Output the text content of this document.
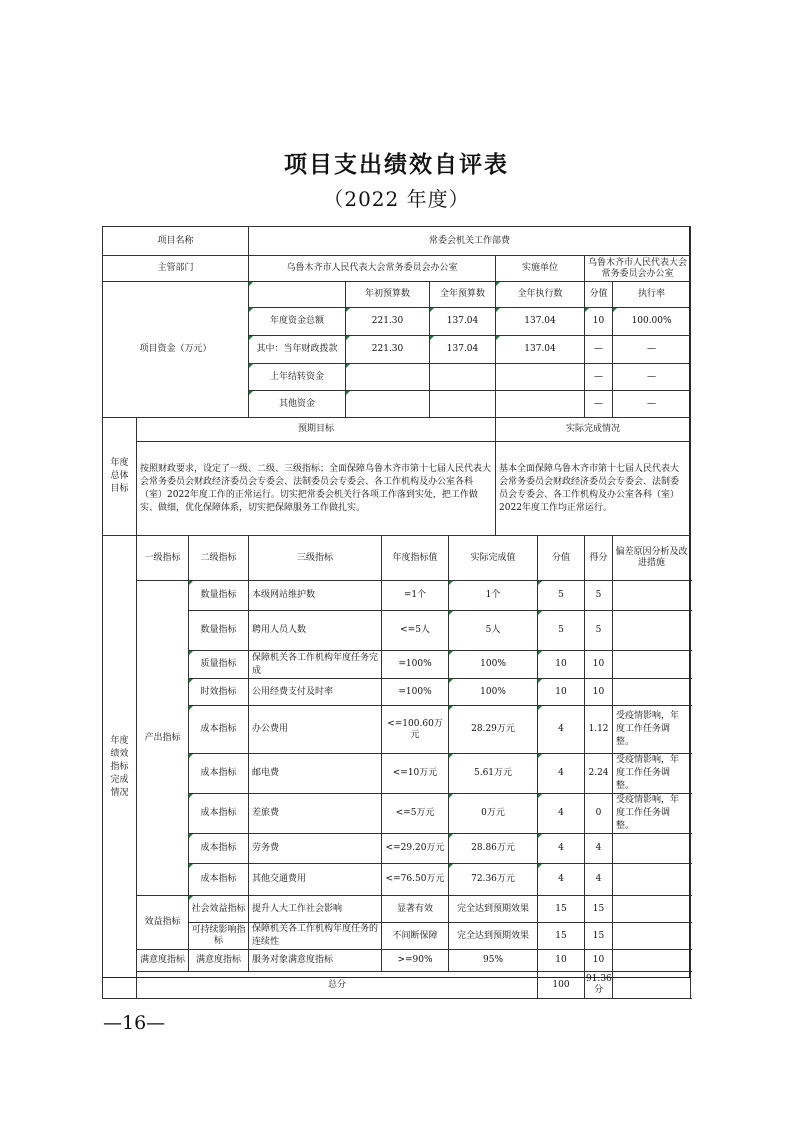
项目支出绩效自评表
（2022 年度）
项目名称			常委会机关工作部费									
主管部门			乌鲁木齐市人民代表大会常务委员会办公室					实施单位		乌鲁木齐市人民代表大会常务委员会办公室		
项目资金（万元）				年初预算数		全年预算数		全年执行数		分值	执行率	
			年度资金总额	221.30		137.04		137.04		10	100.00%	
			其中：当年财政拨款	221.30		137.04		137.04		—	—	
			上年结转资金							—	—	
			其他资金							—	—	

年度总体目标	预期目标							实际完成情况				
	按照财政要求，设定了一级、二级、三级指标；全面保障乌鲁木齐市第十七届人民代表大会常务委员会财政经济委员会专委会、法制委员会专委会、各工作机构及办公室各科（室）2022年度工作的正常运行。切实把常委会机关行各项工作落到实处，把工作做实、做细，优化保障体系，切实把保障服务工作做扎实。							基本全面保障乌鲁木齐市第十七届人民代表大会常务委员会财政经济委员会专委会、法制委员会专委会、各工作机构及办公室各科（室）2022年度工作均正常运行。				

年度绩效指标完成情况	一级指标	二级指标	三级指标		年度指标值		实际完成值		分值	得分	偏差原因分析及改进措施	
	产出指标	数量指标	本级网站维护数		=1个		1个		5	5		
		数量指标	聘用人员人数		<=5人		5人		5	5		
		质量指标	保障机关各工作机构年度任务完成		=100%		100%		10	10		
		时效指标	公用经费支付及时率		=100%		100%		10	10		
		成本指标	办公费用		<=100.60万元		28.29万元		4	1.12	受疫情影响，年度工作任务调整。	
		成本指标	邮电费		<=10万元		5.61万元		4	2.24	受疫情影响，年度工作任务调整。	
		成本指标	差旅费		<=5万元		0万元		4	0	受疫情影响，年度工作任务调整。	
		成本指标	劳务费		<=29.20万元		28.86万元		4	4		
		成本指标	其他交通费用		<=76.50万元		72.36万元		4	4		
	效益指标	社会效益指标	提升人大工作社会影响		显著有效		完全达到预期效果		15	15		
		可持续影响指标	保障机关各工作机构年度任务的连续性		不间断保障		完全达到预期效果		15	15		
	满意度指标	满意度指标	服务对象满意度指标		>=90%		95%		10	10		
	总分								100	91.36分		
—16—
